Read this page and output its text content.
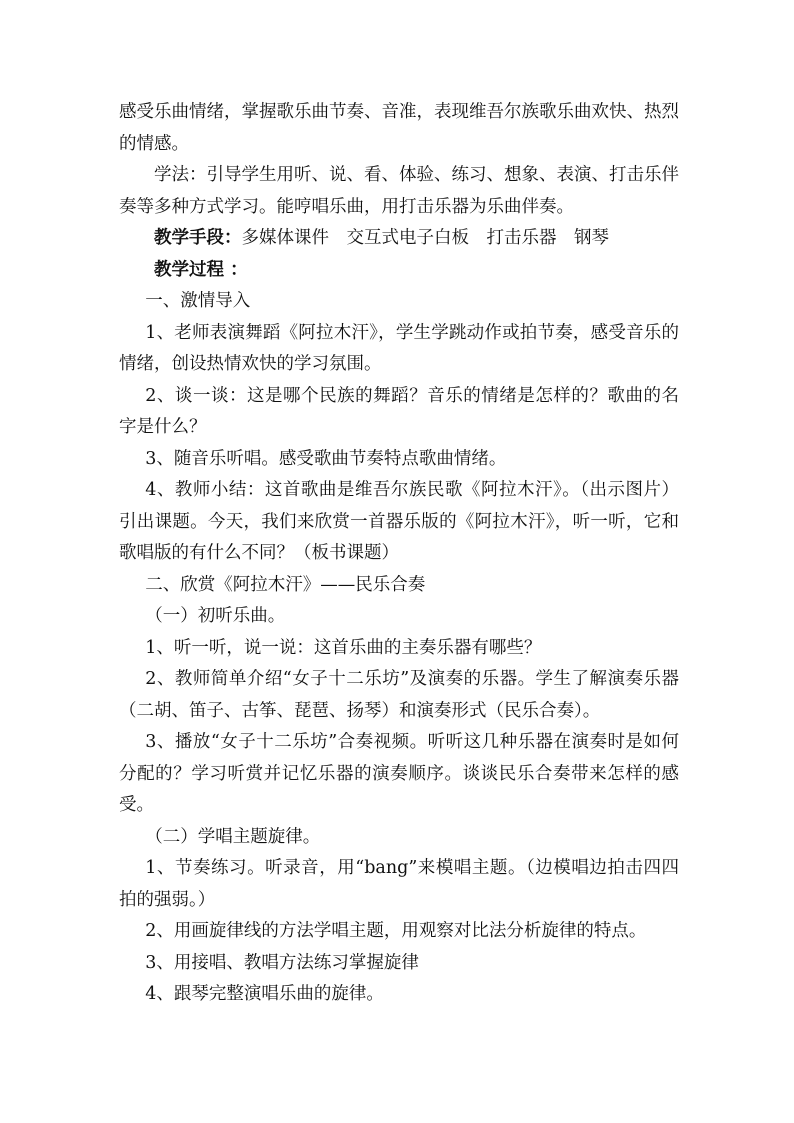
感受乐曲情绪，掌握歌乐曲节奏、音准，表现维吾尔族歌乐曲欢快、热烈的情感。

学法：引导学生用听、说、看、体验、练习、想象、表演、打击乐伴奏等多种方式学习。能哼唱乐曲，用打击乐器为乐曲伴奏。

教学手段：多媒体课件　交互式电子白板　打击乐器　钢琴

教学过程 ：

一、激情导入

1、老师表演舞蹈《阿拉木汗》，学生学跳动作或拍节奏，感受音乐的情绪，创设热情欢快的学习氛围。

2、谈一谈：这是哪个民族的舞蹈？音乐的情绪是怎样的？歌曲的名字是什么？

3、随音乐听唱。感受歌曲节奏特点歌曲情绪。

4、教师小结：这首歌曲是维吾尔族民歌《阿拉木汗》。（出示图片）引出课题。今天，我们来欣赏一首器乐版的《阿拉木汗》，听一听，它和歌唱版的有什么不同？（板书课题）

二、欣赏《阿拉木汗》——民乐合奏

（一）初听乐曲。

1、听一听，说一说：这首乐曲的主奏乐器有哪些？

2、教师简单介绍“女子十二乐坊”及演奏的乐器。学生了解演奏乐器（二胡、笛子、古筝、琵琶、扬琴）和演奏形式（民乐合奏）。

3、播放“女子十二乐坊”合奏视频。听听这几种乐器在演奏时是如何分配的？学习听赏并记忆乐器的演奏顺序。谈谈民乐合奏带来怎样的感受。

（二）学唱主题旋律。

1、节奏练习。听录音，用“bang”来模唱主题。（边模唱边拍击四四拍的强弱。）

2、用画旋律线的方法学唱主题，用观察对比法分析旋律的特点。

3、用接唱、教唱方法练习掌握旋律

4、跟琴完整演唱乐曲的旋律。
